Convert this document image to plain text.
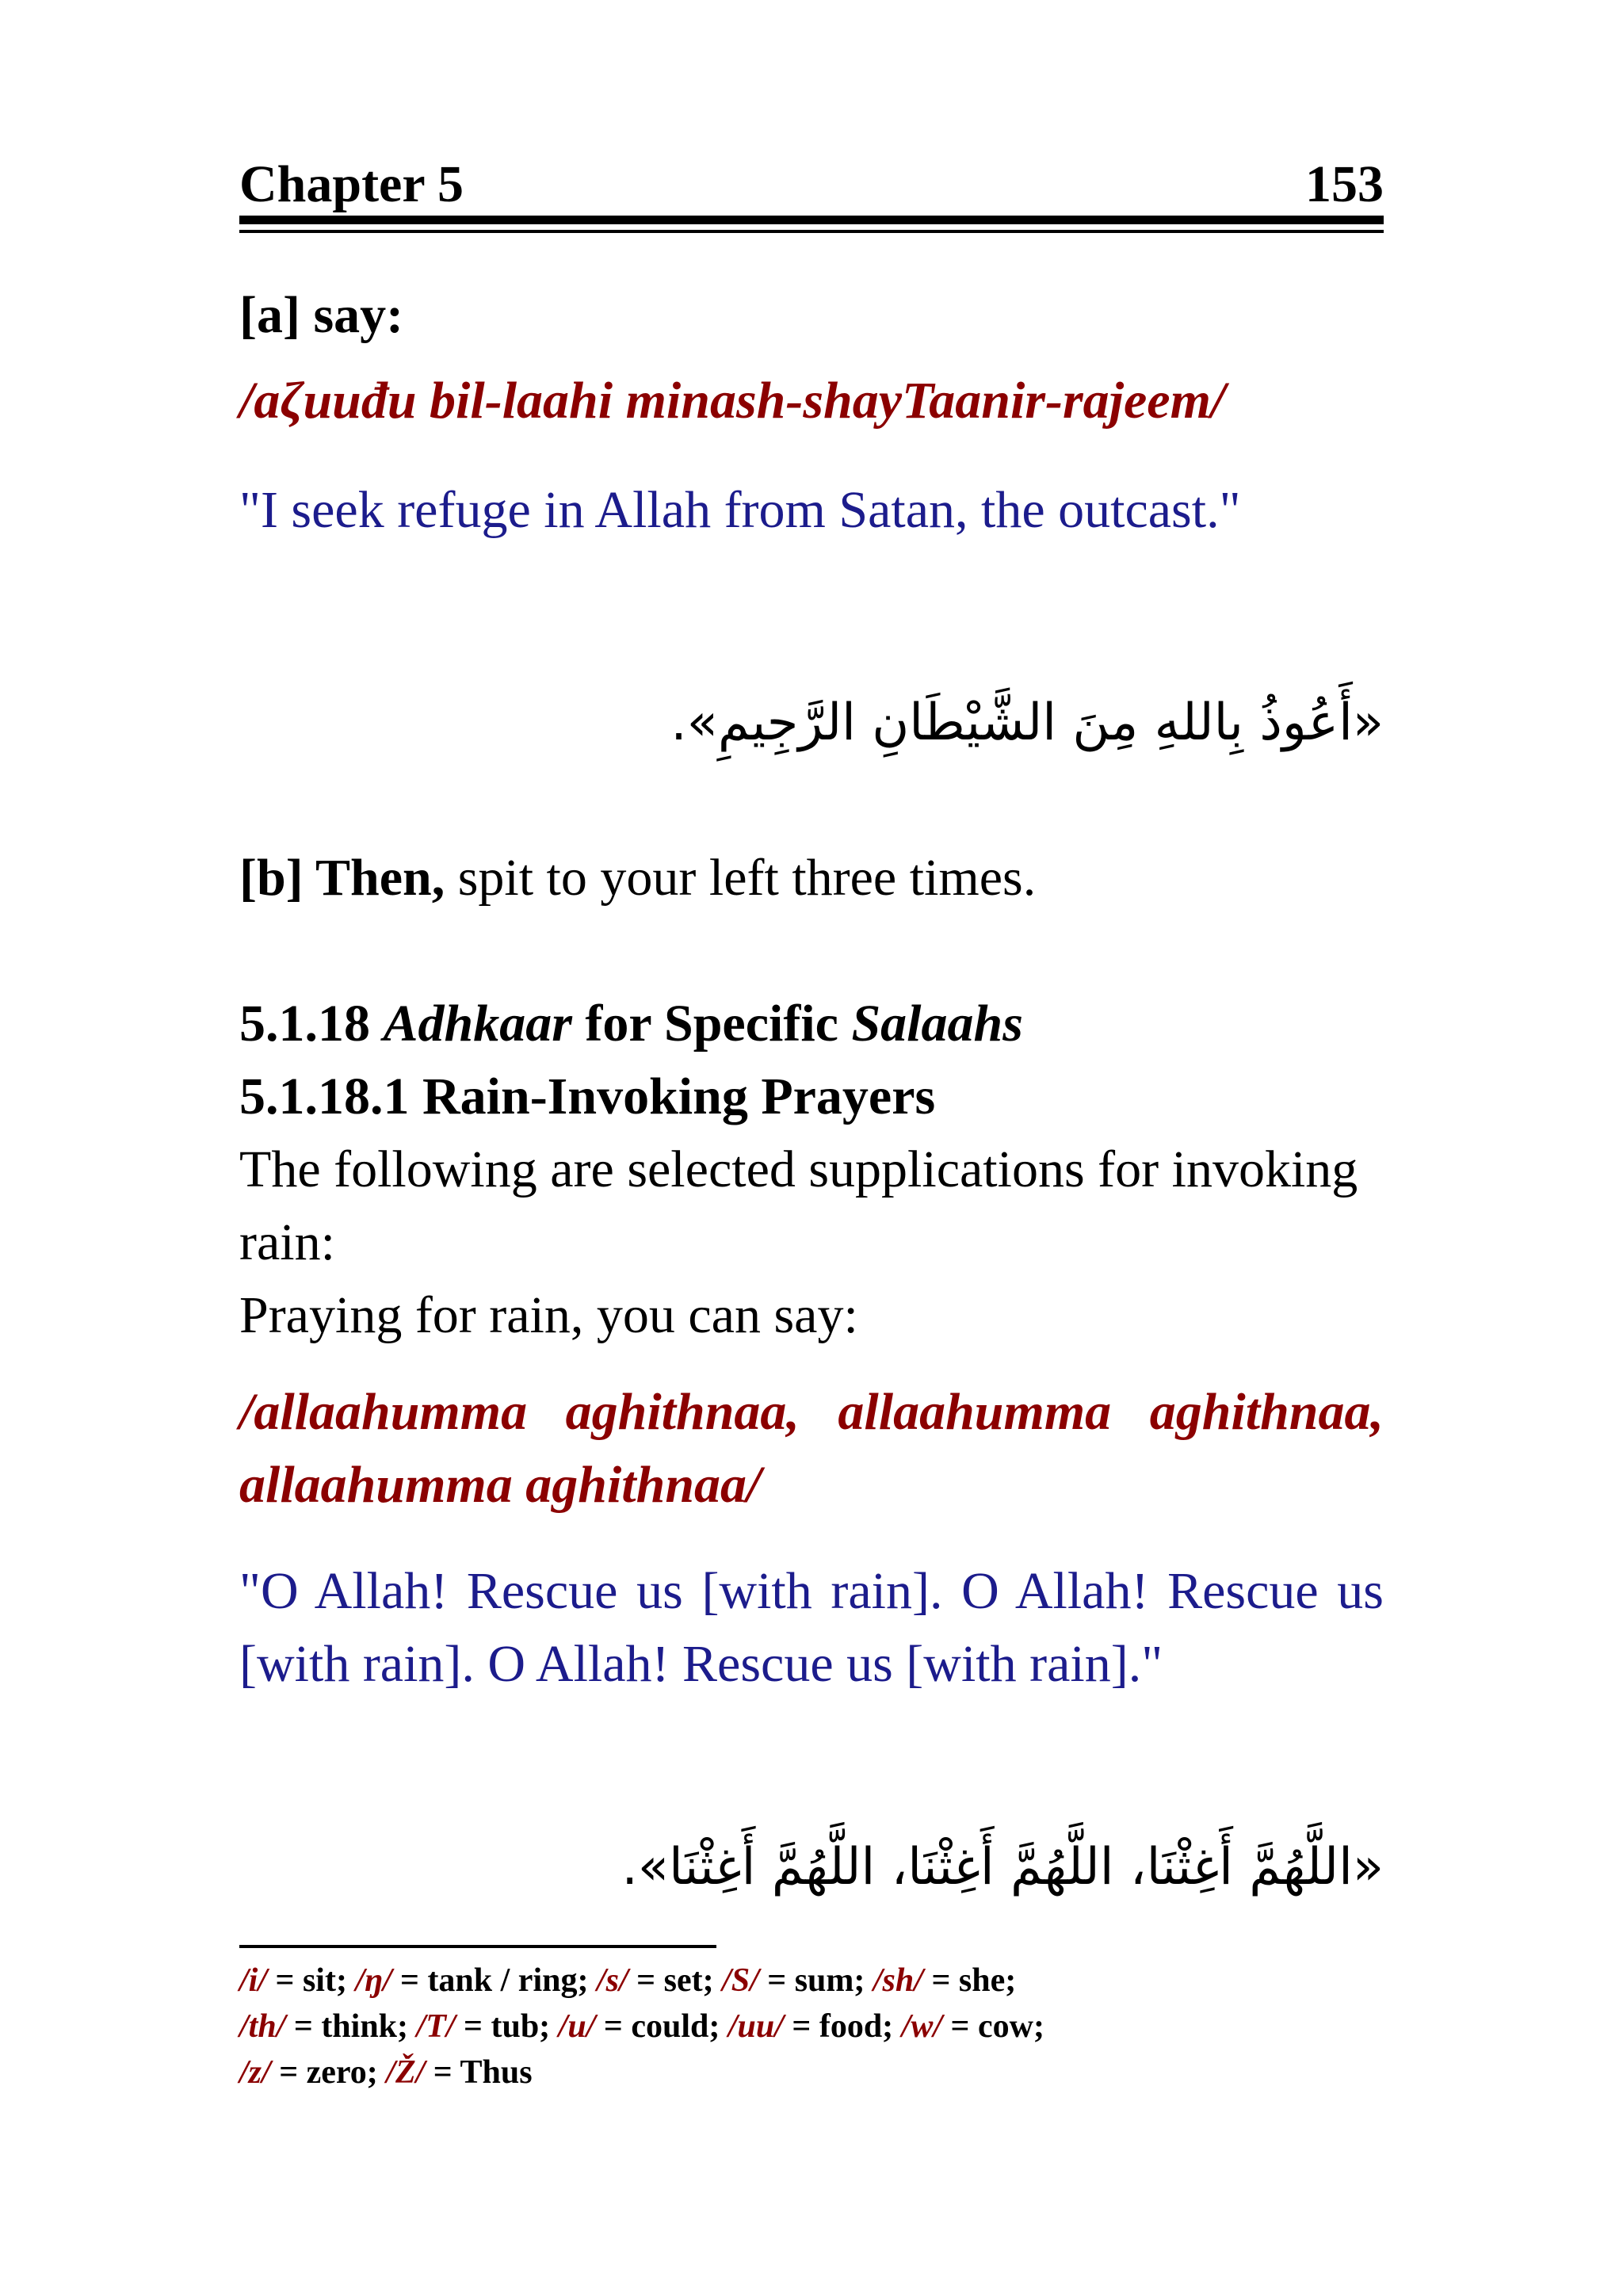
Chapter 5	153

[a] say:

/aζuuđu bil-laahi minash-shayTaanir-rajeem/

"I seek refuge in Allah from Satan, the outcast."

«أَعُوذُ بِاللهِ مِنَ الشَّيْطَانِ الرَّجِيمِ».

[b] Then, spit to your left three times.

5.1.18 Adhkaar for Specific Salaahs

5.1.18.1 Rain-Invoking Prayers

The following are selected supplications for invoking rain:

Praying for rain, you can say:

/allaahumma aghithnaa, allaahumma aghithnaa, allaahumma aghithnaa/

"O Allah! Rescue us [with rain]. O Allah! Rescue us [with rain]. O Allah! Rescue us [with rain]."

«اللَّهُمَّ أَغِثْنَا، اللَّهُمَّ أَغِثْنَا، اللَّهُمَّ أَغِثْنَا».

/i/ = sit; /ŋ/ = tank / ring; /s/ = set; /S/ = sum; /sh/ = she;

/th/ = think; /T/ = tub; /u/ = could; /uu/ = food; /w/ = cow;

/z/ = zero; /Ž/ = Thus
